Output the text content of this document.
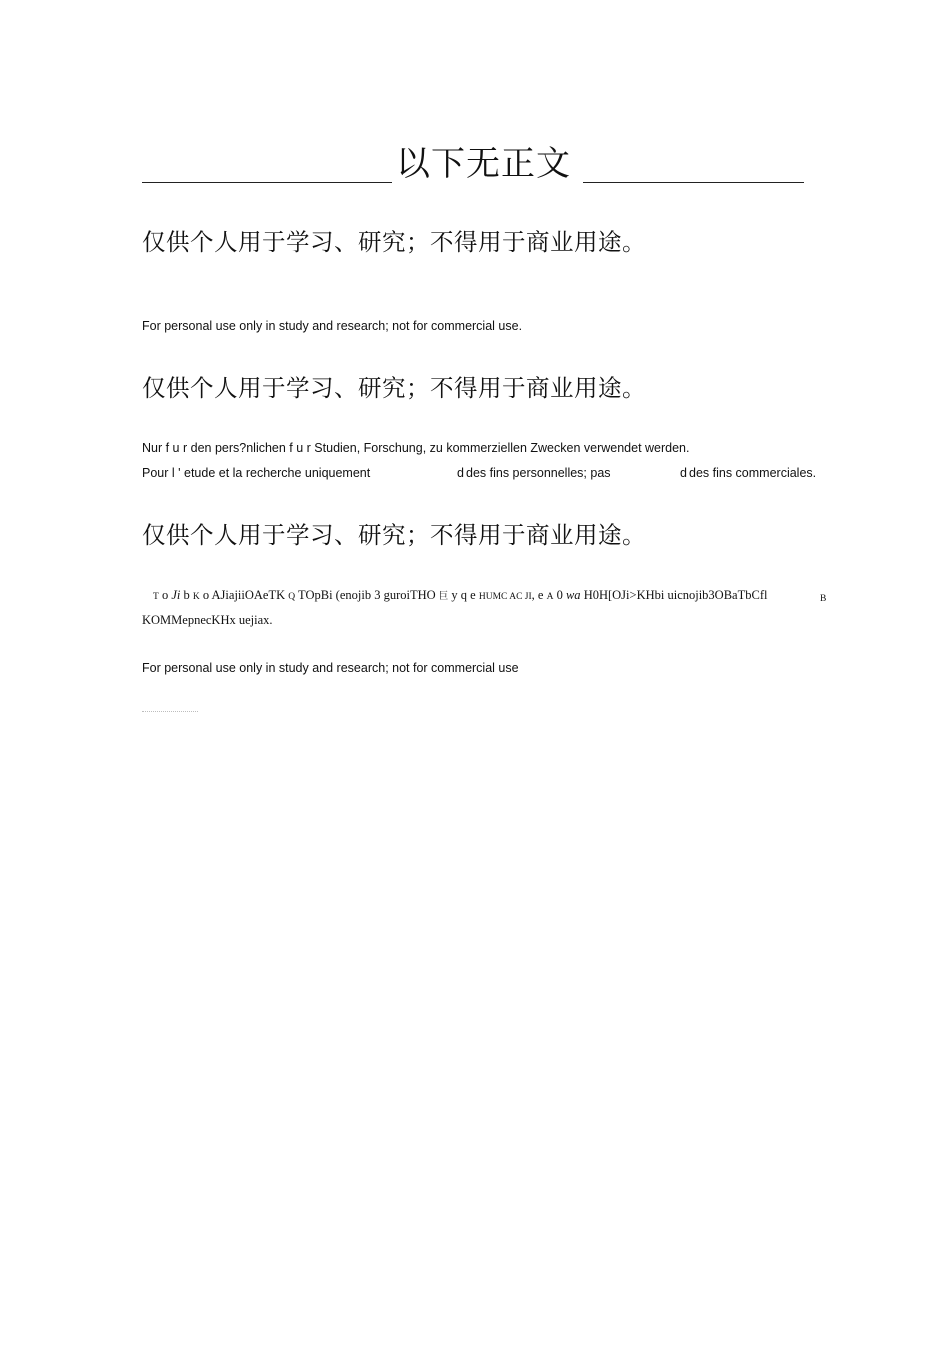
以下无正文
仅供个人用于学习、研究；不得用于商业用途。
For personal use only in study and research; not for commercial use.
仅供个人用于学习、研究；不得用于商业用途。
Nur f u r den pers?nlichen f u r Studien, Forschung, zu kommerziellen Zwecken verwendet werden.
Pour l ' etude et la recherche uniquement	d des fins personnelles; pas	d des fins commerciales.
仅供个人用于学习、研究；不得用于商业用途。
T o Ji b K o AJiajiiOAeTK Q TOpBi (enojib 3 guroiTHO 巨 y q e HUMC AC JI, e A 0 wa H0H[OJi>KHbi uicnojib3OBaTbCfl	B
KOMMepnecKHx uejiax.
For personal use only in study and research; not for commercial use
